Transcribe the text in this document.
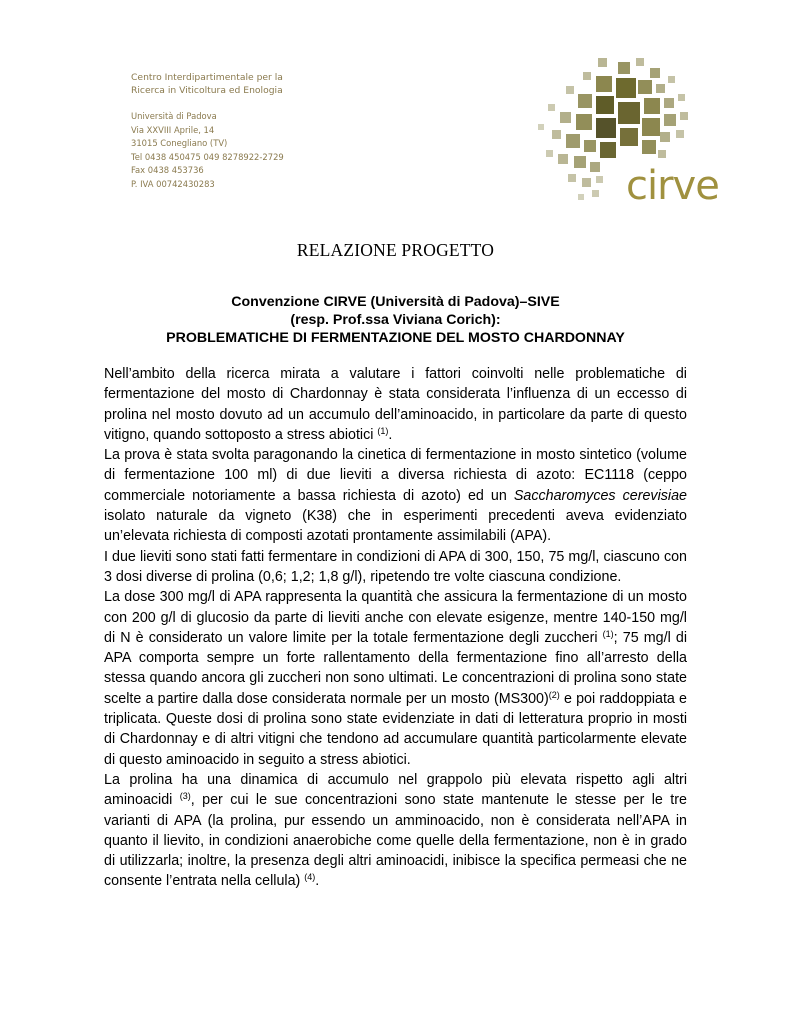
Centro Interdipartimentale per la
Ricerca in Viticoltura ed Enologia
Università di Padova
Via XXVIII Aprile, 14
31015 Conegliano (TV)
Tel 0438 450475 049 8278922-2729
Fax 0438 453736
P. IVA 00742430283	cirve
RELAZIONE PROGETTO
Convenzione CIRVE (Università di Padova)–SIVE
(resp. Prof.ssa Viviana Corich):
PROBLEMATICHE DI FERMENTAZIONE DEL MOSTO CHARDONNAY

Nell’ambito della ricerca mirata a valutare i fattori coinvolti nelle problematiche di fermentazione del mosto di Chardonnay è stata considerata l’influenza di un eccesso di prolina nel mosto dovuto ad un accumulo dell’aminoacido, in particolare da parte di questo vitigno, quando sottoposto a stress abiotici $^{(1)}$.

La prova è stata svolta paragonando la cinetica di fermentazione in mosto sintetico (volume di fermentazione 100 ml) di due lieviti a diversa richiesta di azoto: EC1118 (ceppo commerciale notoriamente a bassa richiesta di azoto) ed un Saccharomyces cerevisiae isolato naturale da vigneto (K38) che in esperimenti precedenti aveva evidenziato un’elevata richiesta di composti azotati prontamente assimilabili (APA).

I due lieviti sono stati fatti fermentare in condizioni di APA di 300, 150, 75 mg/l, ciascuno con 3 dosi diverse di prolina (0,6; 1,2; 1,8 g/l), ripetendo tre volte ciascuna condizione.

La dose 300 mg/l di APA rappresenta la quantità che assicura la fermentazione di un mosto con 200 g/l di glucosio da parte di lieviti anche con elevate esigenze, mentre 140-150 mg/l di N è considerato un valore limite per la totale fermentazione degli zuccheri $^{(1)}$; 75 mg/l di APA comporta sempre un forte rallentamento della fermentazione fino all’arresto della stessa quando ancora gli zuccheri non sono ultimati. Le concentrazioni di prolina sono state scelte a partire dalla dose considerata normale per un mosto $(MS300)^{(2)}$ e poi raddoppiata e triplicata. Queste dosi di prolina sono state evidenziate in dati di letteratura proprio in mosti di Chardonnay e di altri vitigni che tendono ad accumulare quantità particolarmente elevate di questo aminoacido in seguito a stress abiotici.

La prolina ha una dinamica di accumulo nel grappolo più elevata rispetto agli altri aminoacidi $^{(3)}$, per cui le sue concentrazioni sono state mantenute le stesse per le tre varianti di APA (la prolina, pur essendo un amminoacido, non è considerata nell’APA in quanto il lievito, in condizioni anaerobiche come quelle della fermentazione, non è in grado di utilizzarla; inoltre, la presenza degli altri aminoacidi, inibisce la specifica permeasi che ne consente l’entrata nella cellula) $^{(4)}$.
